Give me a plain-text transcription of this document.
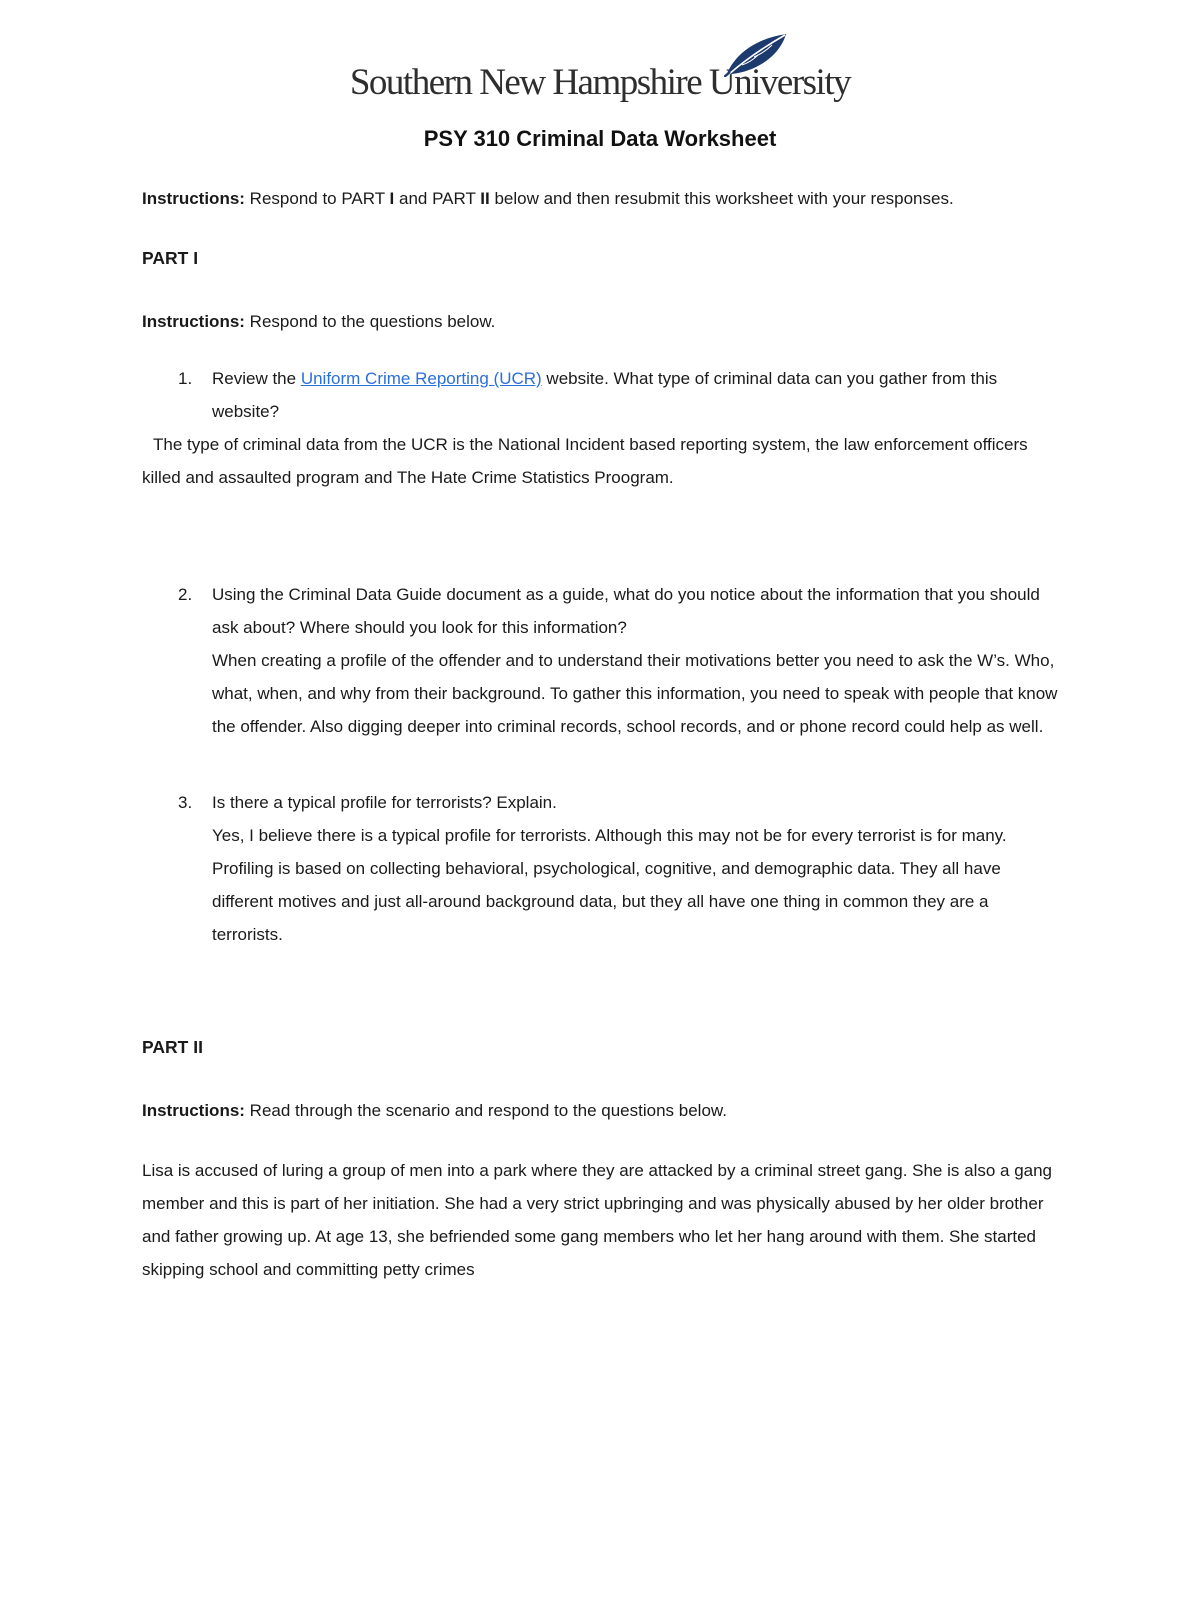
Southern New Hampshire University
PSY 310 Criminal Data Worksheet

Instructions: Respond to PART I and PART II below and then resubmit this worksheet with your responses.

PART I

Instructions: Respond to the questions below.

1.	Review the Uniform Crime Reporting (UCR) website. What type of criminal data can you gather from this website?

The type of criminal data from the UCR is the National Incident based reporting system, the law enforcement officers killed and assaulted program and The Hate Crime Statistics Proogram.

2.	Using the Criminal Data Guide document as a guide, what do you notice about the information that you should ask about? Where should you look for this information?
When creating a profile of the offender and to understand their motivations better you need to ask the W’s. Who, what, when, and why from their background. To gather this information, you need to speak with people that know the offender. Also digging deeper into criminal records, school records, and or phone record could help as well.
3.	Is there a typical profile for terrorists? Explain.
Yes, I believe there is a typical profile for terrorists. Although this may not be for every terrorist is for many. Profiling is based on collecting behavioral, psychological, cognitive, and demographic data. They all have different motives and just all-around background data, but they all have one thing in common they are a terrorists.

PART II

Instructions: Read through the scenario and respond to the questions below.

Lisa is accused of luring a group of men into a park where they are attacked by a criminal street gang. She is also a gang member and this is part of her initiation. She had a very strict upbringing and was physically abused by her older brother and father growing up. At age 13, she befriended some gang members who let her hang around with them. She started skipping school and committing petty crimes
